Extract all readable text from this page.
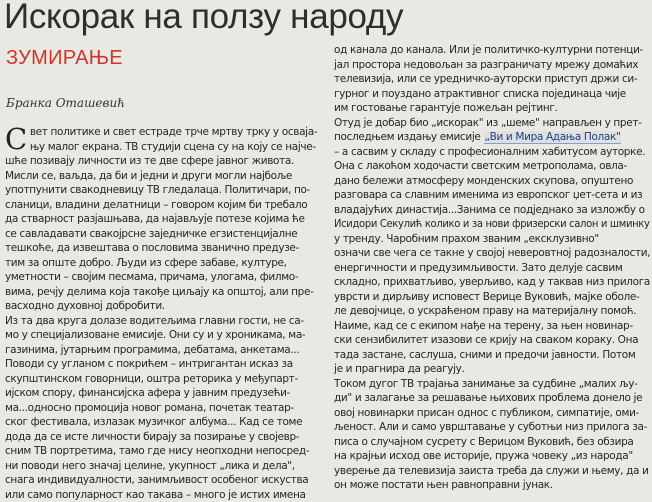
Искорак на ползу народу
ЗУМИРАЊЕ
Бранка Оташевић
С вет политике и свет естраде трче мртву трку у освaја-
њу малог екрана. ТВ студији сцена су на коју се најче-
шће позивају личности из те две сфере јавног живота.
Мисли се, ваљда, да би и једни и други могли најбоље
употпунити свакодневицу ТВ гледалаца. Политичари, по-
сланици, владини делатници – говором којим би требало
да стварност разјашњава, да најављује потезе којима ће
се савладавати свакојрсне заједничке егзистенцијалне
тешкоће, да извештава о пословима званично предузе-
тим за опште добро. Људи из сфере забаве, културе,
уметности – својим песмама, причама, улогама, филмо-
вима, речју делима која такође циљају ка општој, али пре-
васходно духовној добробити.
Из та два круга долазе водитељима главни гости, не са-
мо у специјализоване емисије. Они су и у хроникама, ма-
газинима, јутарњим програмима, дебатама, анкетама...
Поводи су угланом с покрићем – интригантан исказ за
скупштинском говорници, оштра реторика у међупарт-
ијском спору, финансијска афера у јавним предузећи-
ма...односно промоција новог романа, почетак театар-
ског фестивала, излазак музичког албума... Кад се томе
дода да се исте личности бирају за позирање у својевр-
сним ТВ портретима, тамо где нису неопходни непосред-
ни поводи него значај целине, укупност „лика и дела",
снага индивидуалности, занимљивост особеног искуства
или само популарност као такава – много је истих имена
од канала до канала. Или је политичко-културни потенци-
јал простора недовољан за разграничату мрежу домаћих
телевизија, или се уредничко-ауторски приступ држи си-
гурног и поуздано атрактивног списка појединаца чије
им гостовање гарантује пожељан рејтинг.
Отуд је добар био „искорак" из „шеме" направљен у прет-
последњем издању емисије „Ви и Мира Адања Полак"
– а сасвим у складу с професионалним хабитусом ауторке.
Она с лакоћом ходочасти светским метрополама, овла-
дано бележи атмосферу монденских скупова, опуштено
разговара са славним именима из европског џет-сета и из
владајућих династија...Занима се подједнако за изложбу о
Исидори Секулић колико и за нови фризерски салон и шминку
у тренду. Чаробним прахом званим „ексклузивно"
означи све чега се такне у својој неверовтној радозналости,
енергичности и предузимљивости. Зато делује сасвим
складно, прихватљиво, уверљиво, кад у таквав низ прилога
уврсти и дирљиву исповест Верице Вуковић, мајке оболе-
ле девојчице, о ускраћеном праву на материјалну помоћ.
Наиме, кад се с екипом нађе на терену, за њен новинар-
ски сензибилитет изазови се крију на сваком кораку. Она
тада застане, саслуша, сними и предочи јавности. Потом
је и прагнира да реагују.
Током дугог ТВ трајања занимање за судбине „малих љу-
ди" и залагање за решавање њихових проблема донело је
овој новинарки присан однос с публиком, симпатије, оми-
љеност. Али и само уврштавање у суботњи низ прилога за-
писа о случајном сусрету с Верицом Вуковић, без обзира
на крајњи исход ове историје, пружа човеку „из народа"
уверење да телевизија заиста треба да служи и њему, да и
он може постати њен равноправни јунак.
